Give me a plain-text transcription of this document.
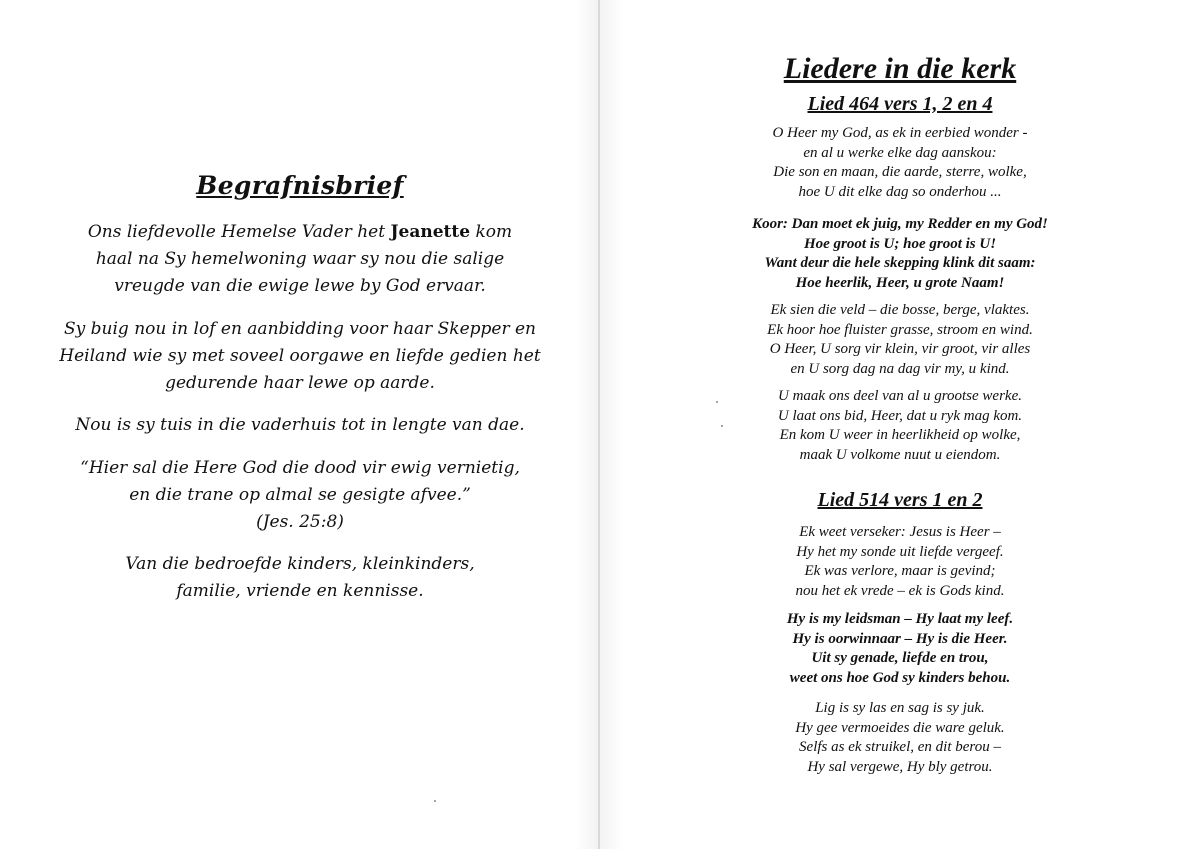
Begrafnisbrief

Ons liefdevolle Hemelse Vader het Jeanette kom
haal na Sy hemelwoning waar sy nou die salige
vreugde van die ewige lewe by God ervaar.

Sy buig nou in lof en aanbidding voor haar Skepper en
Heiland wie sy met soveel oorgawe en liefde gedien het
gedurende haar lewe op aarde.

Nou is sy tuis in die vaderhuis tot in lengte van dae.

“Hier sal die Here God die dood vir ewig vernietig,
en die trane op almal se gesigte afvee.”
(Jes. 25:8)

Van die bedroefde kinders, kleinkinders,
familie, vriende en kennisse.

Liedere in die kerk
Lied 464 vers 1, 2 en 4

O Heer my God, as ek in eerbied wonder -
en al u werke elke dag aanskou:
Die son en maan, die aarde, sterre, wolke,
hoe U dit elke dag so onderhou ...

Koor: Dan moet ek juig, my Redder en my God!
Hoe groot is U; hoe groot is U!
Want deur die hele skepping klink dit saam:
Hoe heerlik, Heer, u grote Naam!

Ek sien die veld – die bosse, berge, vlaktes.
Ek hoor hoe fluister grasse, stroom en wind.
O Heer, U sorg vir klein, vir groot, vir alles
en U sorg dag na dag vir my, u kind.

U maak ons deel van al u grootse werke.
U laat ons bid, Heer, dat u ryk mag kom.
En kom U weer in heerlikheid op wolke,
maak U volkome nuut u eiendom.

Lied 514 vers 1 en 2

Ek weet verseker: Jesus is Heer –
Hy het my sonde uit liefde vergeef.
Ek was verlore, maar is gevind;
nou het ek vrede – ek is Gods kind.

Hy is my leidsman – Hy laat my leef.
Hy is oorwinnaar – Hy is die Heer.
Uit sy genade, liefde en trou,
weet ons hoe God sy kinders behou.

Lig is sy las en sag is sy juk.
Hy gee vermoeides die ware geluk.
Selfs as ek struikel, en dit berou –
Hy sal vergewe, Hy bly getrou.
